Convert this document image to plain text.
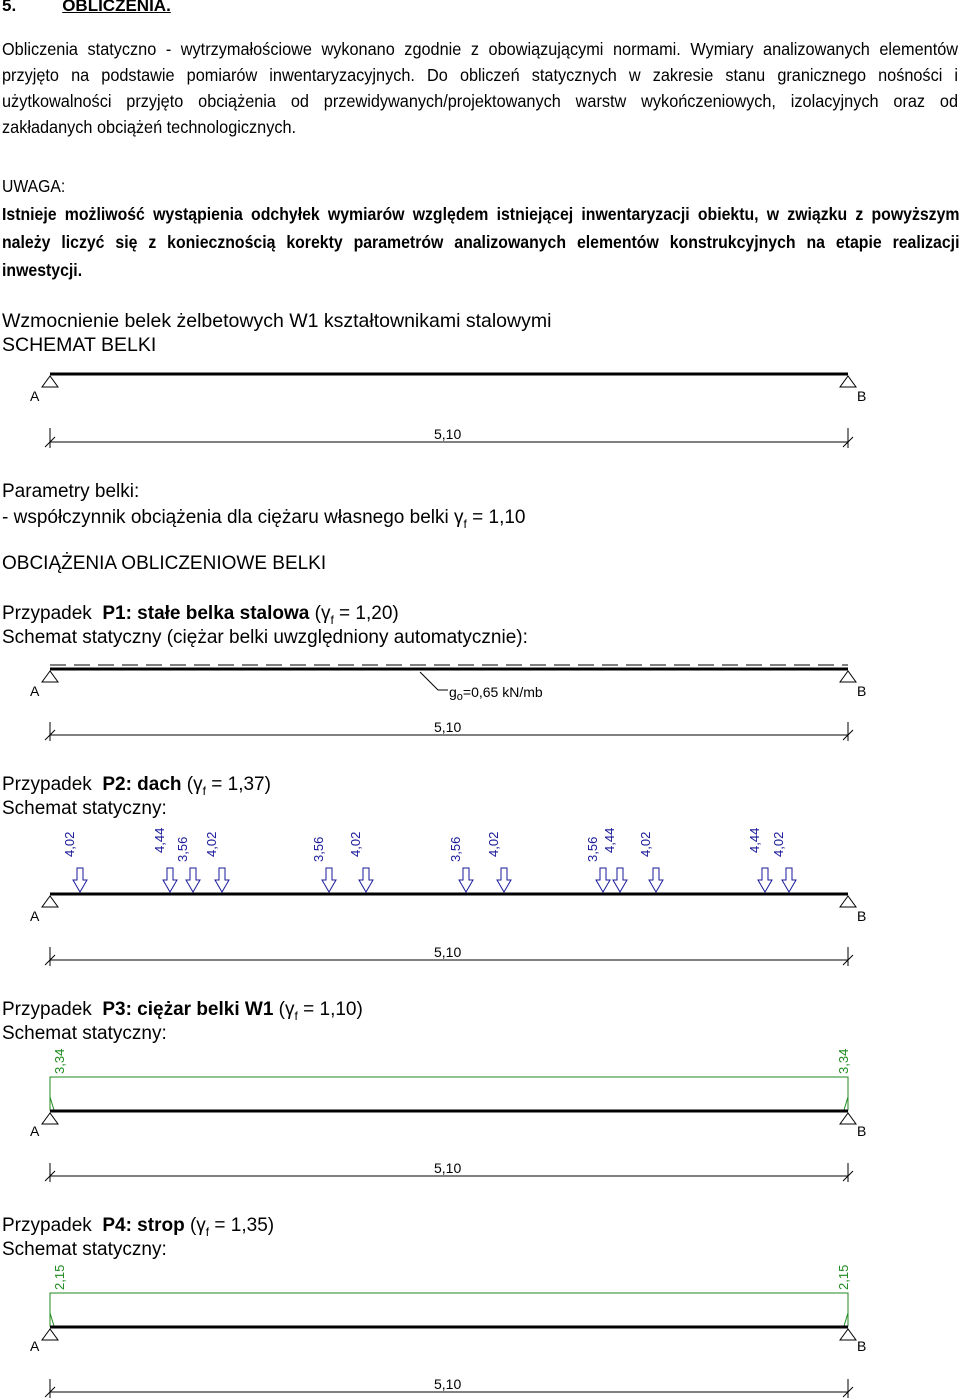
5.	OBLICZENIA.
Obliczenia statyczno - wytrzymałościowe wykonano zgodnie z obowiązującymi normami. Wymiary analizowanych elementów przyjęto na podstawie pomiarów inwentaryzacyjnych. Do obliczeń statycznych w zakresie stanu granicznego nośności i użytkowalności przyjęto obciążenia od przewidywanych/projektowanych warstw wykończeniowych, izolacyjnych oraz od zakładanych obciążeń technologicznych.
UWAGA:
Istnieje możliwość wystąpienia odchyłek wymiarów względem istniejącej inwentaryzacji obiektu, w związku z powyższym należy liczyć się z koniecznością korekty parametrów analizowanych elementów konstrukcyjnych na etapie realizacji inwestycji.
Wzmocnienie belek żelbetowych W1 kształtownikami stalowymi
SCHEMAT BELKI
A	B
5,10
$g_o=0,65$ kN/mb
A	B
5,10
4,02	4,44 3,56 4,02	3,56 4,02	3,56 4,02	3,56 4,44 4,02	4,44 4,02
A	B
5,10
3,34	3,34
A	B
5,10
2,15	2,15
A	B
5,10
Parametry belki:
- współczynnik obciążenia dla ciężaru własnego belki $\gamma_f = 1,10$
OBCIĄŻENIA OBLICZENIOWE BELKI
Przypadek  P1: stałe belka stalowa $(\gamma_f = 1,20)$
Schemat statyczny (ciężar belki uwzględniony automatycznie):
Przypadek  P2: dach $(\gamma_f = 1,37)$
Schemat statyczny:
Przypadek  P3: ciężar belki W1 $(\gamma_f = 1,10)$
Schemat statyczny:
Przypadek  P4: strop $(\gamma_f = 1,35)$
Schemat statyczny:
